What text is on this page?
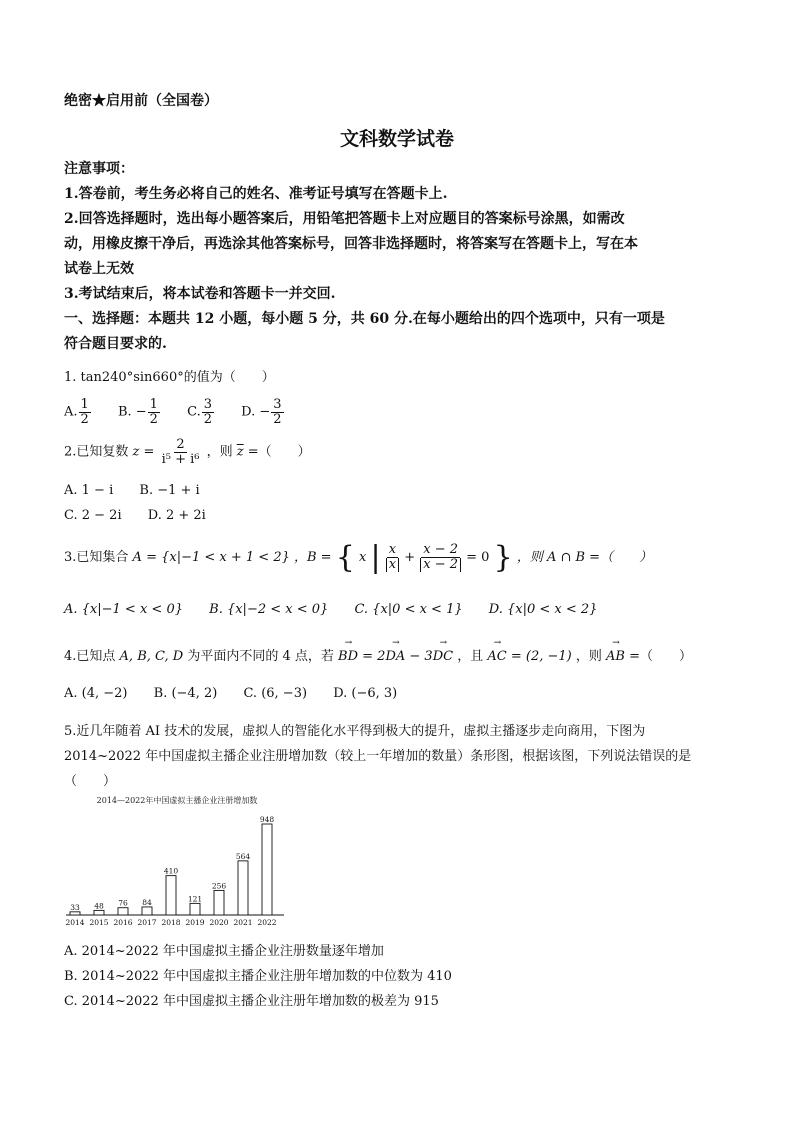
绝密★启用前（全国卷）
文科数学试卷
注意事项：
1.答卷前，考生务必将自己的姓名、准考证号填写在答题卡上.
2.回答选择题时，选出每小题答案后，用铅笔把答题卡上对应题目的答案标号涂黑，如需改
动，用橡皮擦干净后，再选涂其他答案标号，回答非选择题时，将答案写在答题卡上，写在本
试卷上无效
3.考试结束后，将本试卷和答题卡一并交回.
一、选择题：本题共 12 小题，每小题 5 分，共 60 分.在每小题给出的四个选项中，只有一项是
符合题目要求的.
1. tan240°sin660°的值为（　　）
A. $\frac{1}{2} B$. − $\frac{1}{2} C$. $\frac{3}{2} D$. − $\frac{3}{2}$
2.已知复数 $z = \frac{2}{\text{i⁵ + i⁶}}$ ，则 $\overline{z}$ =（　　）
A. 1 − i B. −1 + i
C. 2 − 2i D. 2 + 2i
3.已知集合 A = {x|−1 < x + 1 < 2} ，B = { x | $\frac{x}{x} + \frac{x - 2}{x - 2} = 0$ } ，则 A ∩ B =（　　）
A. {x|−1 < x < 0} B. {x|−2 < x < 0} C. {x|0 < x < 1} D. {x|0 < x < 2}
4.已知点 A, B, C, D 为平面内不同的 4 点，若 → BD = 2→ DA − 3→ DC ，且 → AC = (2, −1) ，则 → AB =（　　）
A. (4, −2) B. (−4, 2) C. (6, −3) D. (−6, 3)
5.近几年随着 AI 技术的发展，虚拟人的智能化水平得到极大的提升，虚拟主播逐步走向商用，下图为
2014~2022 年中国虚拟主播企业注册增加数（较上一年增加的数量）条形图，根据该图，下列说法错误的是
（　　）
2014—2022年中国虚拟主播企业注册增加数
33
2014
48
2015
76
2016
84
2017
410
2018
121
2019
256
2020
564
2021
948
2022
A. 2014~2022 年中国虚拟主播企业注册数量逐年增加
B. 2014~2022 年中国虚拟主播企业注册年增加数的中位数为 410
C. 2014~2022 年中国虚拟主播企业注册年增加数的极差为 915
